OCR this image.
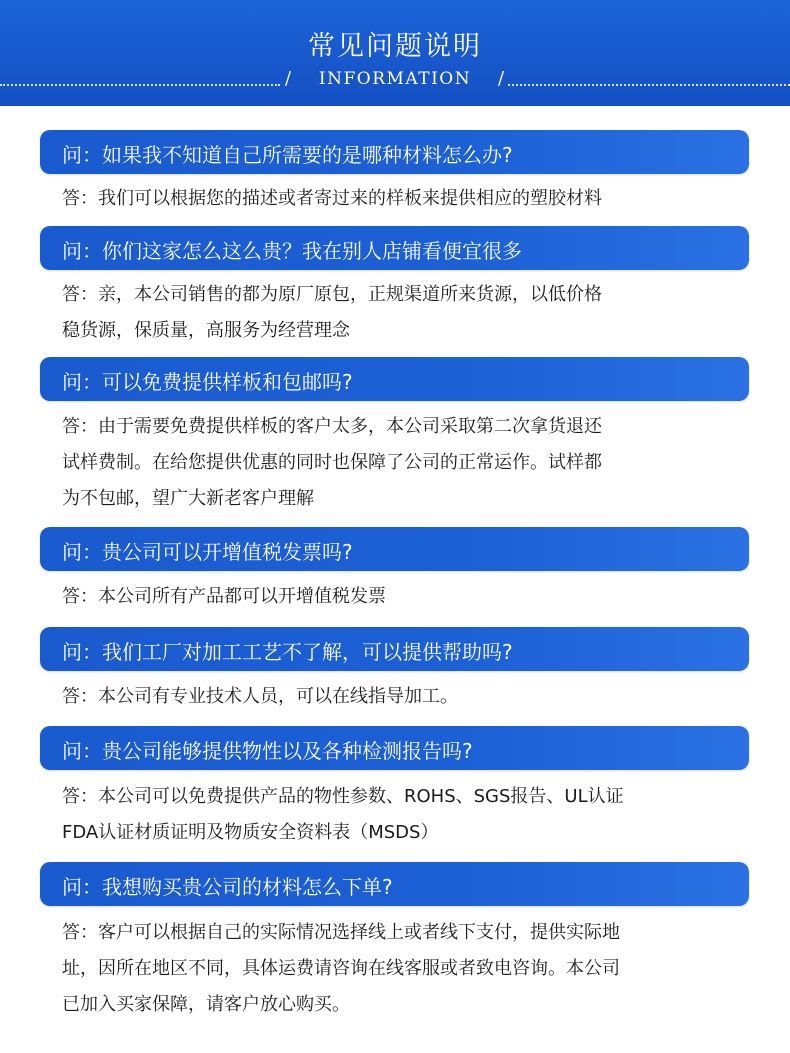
常见问题说明
/	INFORMATION	/
问：如果我不知道自己所需要的是哪种材料怎么办?
答：我们可以根据您的描述或者寄过来的样板来提供相应的塑胶材料
问：你们这家怎么这么贵？我在别人店铺看便宜很多
答：亲，本公司销售的都为原厂原包，正规渠道所来货源，以低价格
稳货源，保质量，高服务为经营理念
问：可以免费提供样板和包邮吗?
答：由于需要免费提供样板的客户太多，本公司采取第二次拿货退还
试样费制。在给您提供优惠的同时也保障了公司的正常运作。试样都
为不包邮，望广大新老客户理解
问：贵公司可以开增值税发票吗?
答：本公司所有产品都可以开增值税发票
问：我们工厂对加工工艺不了解，可以提供帮助吗?
答：本公司有专业技术人员，可以在线指导加工。
问：贵公司能够提供物性以及各种检测报告吗?
答：本公司可以免费提供产品的物性参数、ROHS、SGS报告、UL认证
FDA认证材质证明及物质安全资料表（MSDS）
问：我想购买贵公司的材料怎么下单?
答：客户可以根据自己的实际情况选择线上或者线下支付，提供实际地
址，因所在地区不同，具体运费请咨询在线客服或者致电咨询。本公司
已加入买家保障，请客户放心购买。
